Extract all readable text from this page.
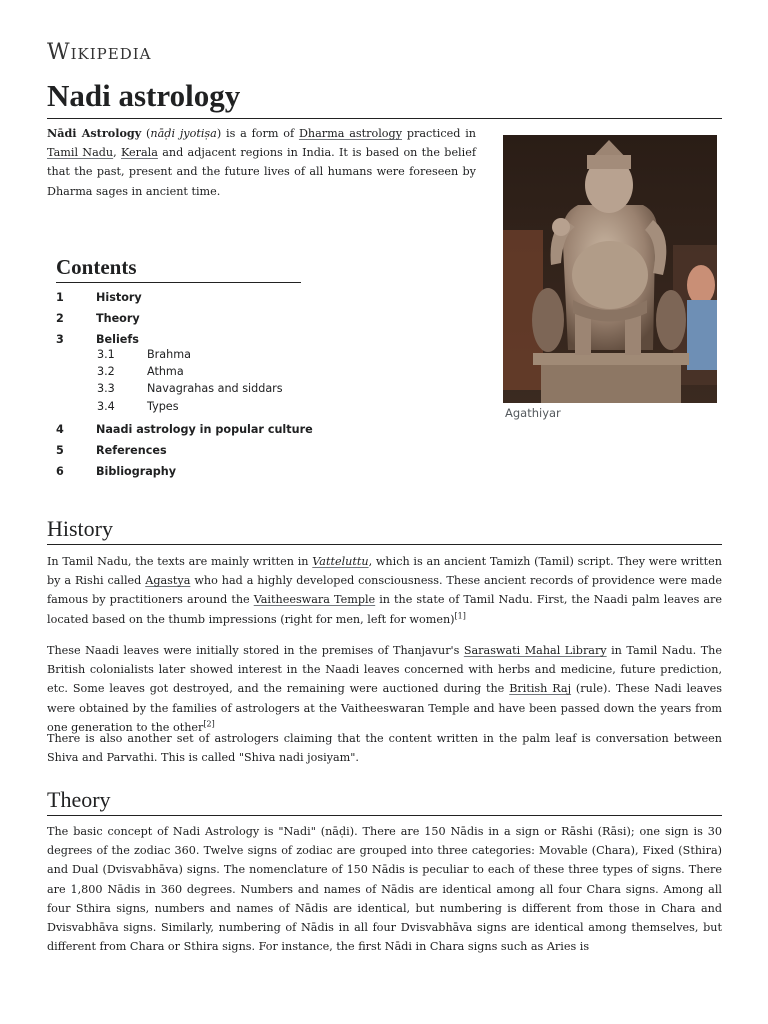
Wikipedia
Nadi astrology

Nādi Astrology (nāḍi jyotiṣa) is a form of Dharma astrology practiced in Tamil Nadu, Kerala and adjacent regions in India. It is based on the belief that the past, present and the future lives of all humans were foreseen by Dharma sages in ancient time.

Agathiyar
Contents
1	History
2	Theory
3	Beliefs
3.1	Brahma
3.2	Athma
3.3	Navagrahas and siddars
3.4	Types
4	Naadi astrology in popular culture
5	References
6	Bibliography
History

In Tamil Nadu, the texts are mainly written in Vatteluttu, which is an ancient Tamizh (Tamil) script. They were written by a Rishi called Agastya who had a highly developed consciousness. These ancient records of providence were made famous by practitioners around the Vaitheeswara Temple in the state of Tamil Nadu. First, the Naadi palm leaves are located based on the thumb impressions (right for men, left for women)[1]

These Naadi leaves were initially stored in the premises of Thanjavur's Saraswati Mahal Library in Tamil Nadu. The British colonialists later showed interest in the Naadi leaves concerned with herbs and medicine, future prediction, etc. Some leaves got destroyed, and the remaining were auctioned during the British Raj (rule). These Nadi leaves were obtained by the families of astrologers at the Vaitheeswaran Temple and have been passed down the years from one generation to the other[2]

There is also another set of astrologers claiming that the content written in the palm leaf is conversation between Shiva and Parvathi. This is called "Shiva nadi josiyam".

Theory

The basic concept of Nadi Astrology is "Nadi" (nāḍi). There are 150 Nādis in a sign or Rāshi (Rāsi); one sign is 30 degrees of the zodiac 360. Twelve signs of zodiac are grouped into three categories: Movable (Chara), Fixed (Sthira) and Dual (Dvisvabhāva) signs. The nomenclature of 150 Nādis is peculiar to each of these three types of signs. There are 1,800 Nādis in 360 degrees. Numbers and names of Nādis are identical among all four Chara signs. Among all four Sthira signs, numbers and names of Nādis are identical, but numbering is different from those in Chara and Dvisvabhāva signs. Similarly, numbering of Nādis in all four Dvisvabhāva signs are identical among themselves, but different from Chara or Sthira signs. For instance, the first Nādi in Chara signs such as Aries is
